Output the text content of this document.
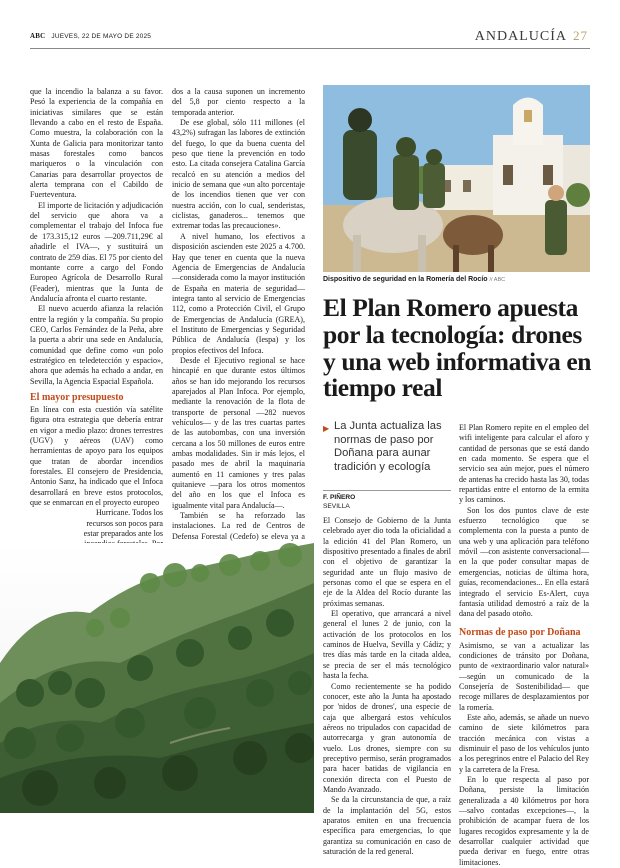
ABC JUEVES, 22 DE MAYO DE 2025	ANDALUCÍA 27

que la incendio la balanza a su favor. Pesó la experiencia de la compañía en iniciativas similares que se están llevando a cabo en el resto de España. Como muestra, la colaboración con la Xunta de Galicia para monitorizar tanto masas forestales como bancos mariqueros o la vinculación con Canarias para desarrollar proyectos de alerta temprana con el Cabildo de Fuerteventura.

El importe de licitación y adjudicación del servicio que ahora va a complementar el trabajo del Infoca fue de 173.315,12 euros —209.711,29€ al añadirle el IVA—, y sustituirá un contrato de 259 días. El 75 por ciento del montante corre a cargo del Fondo Europeo Agrícola de Desarrollo Rural (Feader), mientras que la Junta de Andalucía afronta el cuarto restante.

El nuevo acuerdo afianza la relación entre la región y la compañía. Su propio CEO, Carlos Fernández de la Peña, abre la puerta a abrir una sede en Andalucía, comunidad que define como «un polo estratégico en teledetección y espacio», ahora que además ha echado a andar, en Sevilla, la Agencia Espacial Española.

El mayor presupuesto

En línea con esta cuestión vía satélite figura otra estrategia que debería entrar en vigor a medio plazo: drones terrestres (UGV) y aéreos (UAV) como herramientas de apoyo para los equipos que tratan de abordar incendios forestales. El consejero de Presidencia, Antonio Sanz, ha indicado que el Infoca desarrollará en breve estos protocolos, que se enmarcan en el proyecto europeo

Hurricane. Todos los recursos son pocos para estar preparados ante los

dos a la causa suponen un incremento del 5,8 por ciento respecto a la temporada anterior.

De ese global, sólo 111 millones (el 43,2%) sufragan las labores de extinción del fuego, lo que da buena cuenta del peso que tiene la prevención en todo esto. La citada consejera Catalina García recalcó en su atención a medios del inicio de semana que «un alto porcentaje de los incendios tienen que ver con nuestra acción, con lo cual, senderistas, ciclistas, ganaderos... tenemos que extremar todas las precauciones».

A nivel humano, los efectivos a disposición ascienden este 2025 a 4.700. Hay que tener en cuenta que la nueva Agencia de Emergencias de Andalucía —considerada como la mayor institución de España en materia de seguridad— integra tanto al servicio de Emergencias 112, como a Protección Civil, el Grupo de Emergencias de Andalucía (GREA), el Instituto de Emergencias y Seguridad Pública de Andalucía (Iespa) y los propios efectivos del Infoca.

Desde el Ejecutivo regional se hace hincapié en que durante estos últimos años se han ido mejorando los recursos aparejados al Plan Infoca. Por ejemplo, mediante la renovación de la flota de transporte de personal —282 nuevos vehículos— y de las tres cuartas partes de las autobombas, con una inversión cercana a los 50 millones de euros entre ambas modalidades. Sin ir más lejos, el pasado mes de abril la maquinaria aumentó en 11 camiones y tres palas quitanieve —para los otros momentos del año en los que el Infoca es igualmente vital para Andalucía—.

También se ha reforzado las instalaciones. La red de Centros de Defensa Forestal (Cedefo) se eleva ya a

Dispositivo de seguridad en la Romería del Rocío // ABC
El Plan Romero apuesta por la tecnología: drones y una web informativa en tiempo real
▶ La Junta actualiza las normas de paso por Doñana para aunar tradición y ecología
F. PIÑERO
SEVILLA

El Consejo de Gobierno de la Junta celebrado ayer dio toda la oficialidad a la edición 41 del Plan Romero, un dispositivo presentado a finales de abril con el objetivo de garantizar la seguridad ante un flujo masivo de personas como el que se espera en el eje de la Aldea del Rocío durante las próximas semanas.

El operativo, que arrancará a nivel general el lunes 2 de junio, con la activación de los protocolos en los caminos de Huelva, Sevilla y Cádiz; y tres días más tarde en la citada aldea, se precia de ser el más tecnológico hasta la fecha.

Como recientemente se ha podido conocer, este año la Junta ha apostado por 'nidos de drones', una especie de caja que albergará estos vehículos aéreos no tripulados con capacidad de autorrecarga y gran autonomía de vuelo. Los drones, siempre con su preceptivo permiso, serán programados para hacer batidas de vigilancia en conexión directa con el Puesto de Mando Avanzado.

Se da la circunstancia de que, a raíz de la implantación del 5G, estos aparatos emiten en una frecuencia específica para emergencias, lo que garantiza su comunicación en caso de saturación de la red general.

El Plan Romero repite en el empleo del wifi inteligente para calcular el aforo y cantidad de personas que se está dando en cada momento. Se espera que el servicio sea aún mejor, pues el número de antenas ha crecido hasta las 30, todas repartidas entre el entorno de la ermita y los caminos.

Son los dos puntos clave de este esfuerzo tecnológico que se complementa con la puesta a punto de una web y una aplicación para teléfono móvil —con asistente conversacional— en la que poder consultar mapas de emergencias, noticias de última hora, guías, recomendaciones... En ella estará integrado el servicio Es-Alert, cuya fantasía utilidad demostró a raíz de la dana del pasado otoño.

Normas de paso por Doñana

Asimismo, se van a actualizar las condiciones de tránsito por Doñana, punto de «extraordinario valor natural» —según un comunicado de la Consejería de Sostenibilidad— que recoge millares de desplazamientos por la romería.

Este año, además, se añade un nuevo camino de siete kilómetros para tracción mecánica con vistas a disminuir el paso de los vehículos junto a los peregrinos entre el Palacio del Rey y la carretera de la Fresa.

En lo que respecta al paso por Doñana, persiste la limitación generalizada a 40 kilómetros por hora —salvo contadas excepciones—, la prohibición de acampar fuera de los lugares recogidos expresamente y la de desarrollar cualquier actividad que pueda derivar en fuego, entre otras limitaciones.
